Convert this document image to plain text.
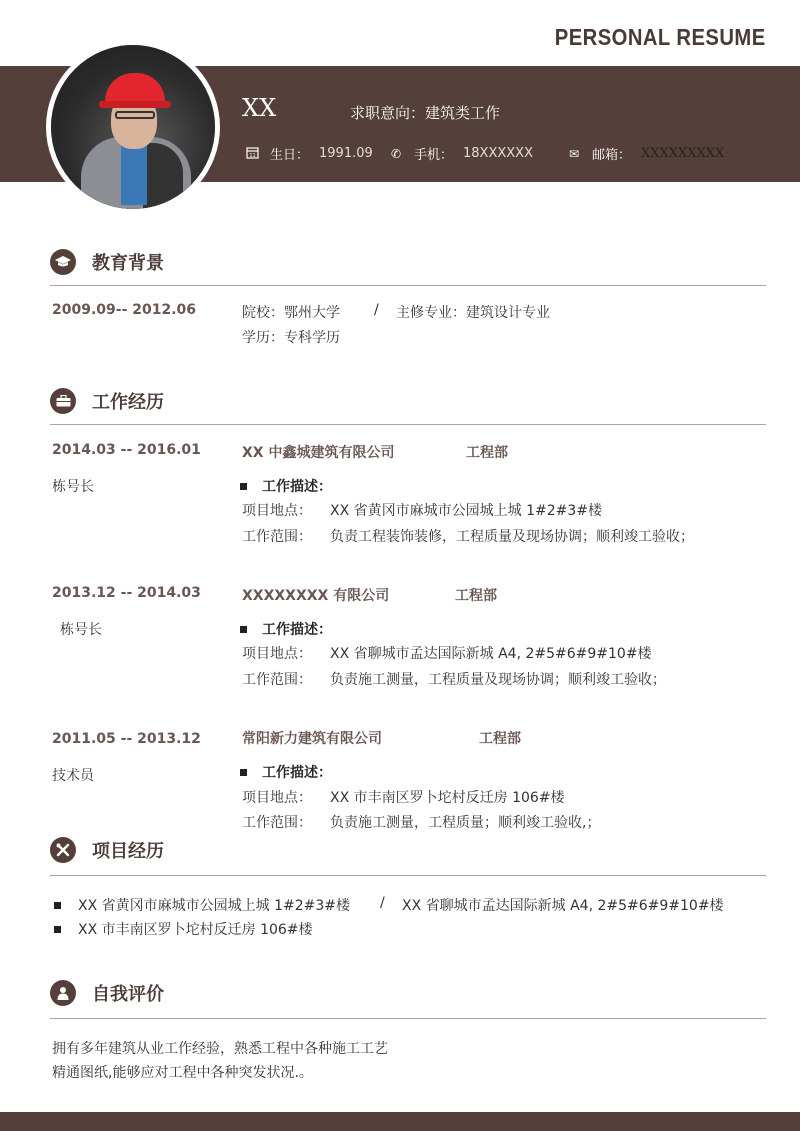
PERSONAL RESUME
XX	求职意向：建筑类工作
11 生日： 1991.09 ✆ 手机： 18XXXXXX	✉ 邮箱： XXXXXXXXX
教育背景
2009.09-- 2012.06	院校：鄂州大学 / 主修专业：建筑设计专业
学历：专科学历
工作经历
2014.03 -- 2016.01	XX 中鑫城建筑有限公司	工程部
栋号长	工作描述：
项目地点： XX 省黄冈市麻城市公园城上城 1#2#3#楼
工作范围： 负责工程装饰装修，工程质量及现场协调；顺利竣工验收；
2013.12 -- 2014.03	XXXXXXXX 有限公司	工程部
栋号长	工作描述：
项目地点： XX 省聊城市孟达国际新城 A4, 2#5#6#9#10#楼
工作范围： 负责施工测量，工程质量及现场协调；顺利竣工验收；
2011.05 -- 2013.12	常阳新力建筑有限公司	工程部
技术员	工作描述：
项目地点： XX 市丰南区罗卜坨村反迁房 106#楼
工作范围： 负责施工测量，工程质量；顺利竣工验收,；
项目经历
XX 省黄冈市麻城市公园城上城 1#2#3#楼 / XX 省聊城市孟达国际新城 A4, 2#5#6#9#10#楼
XX 市丰南区罗卜坨村反迁房 106#楼
自我评价
拥有多年建筑从业工作经验，熟悉工程中各种施工工艺
精通图纸,能够应对工程中各种突发状况.。
